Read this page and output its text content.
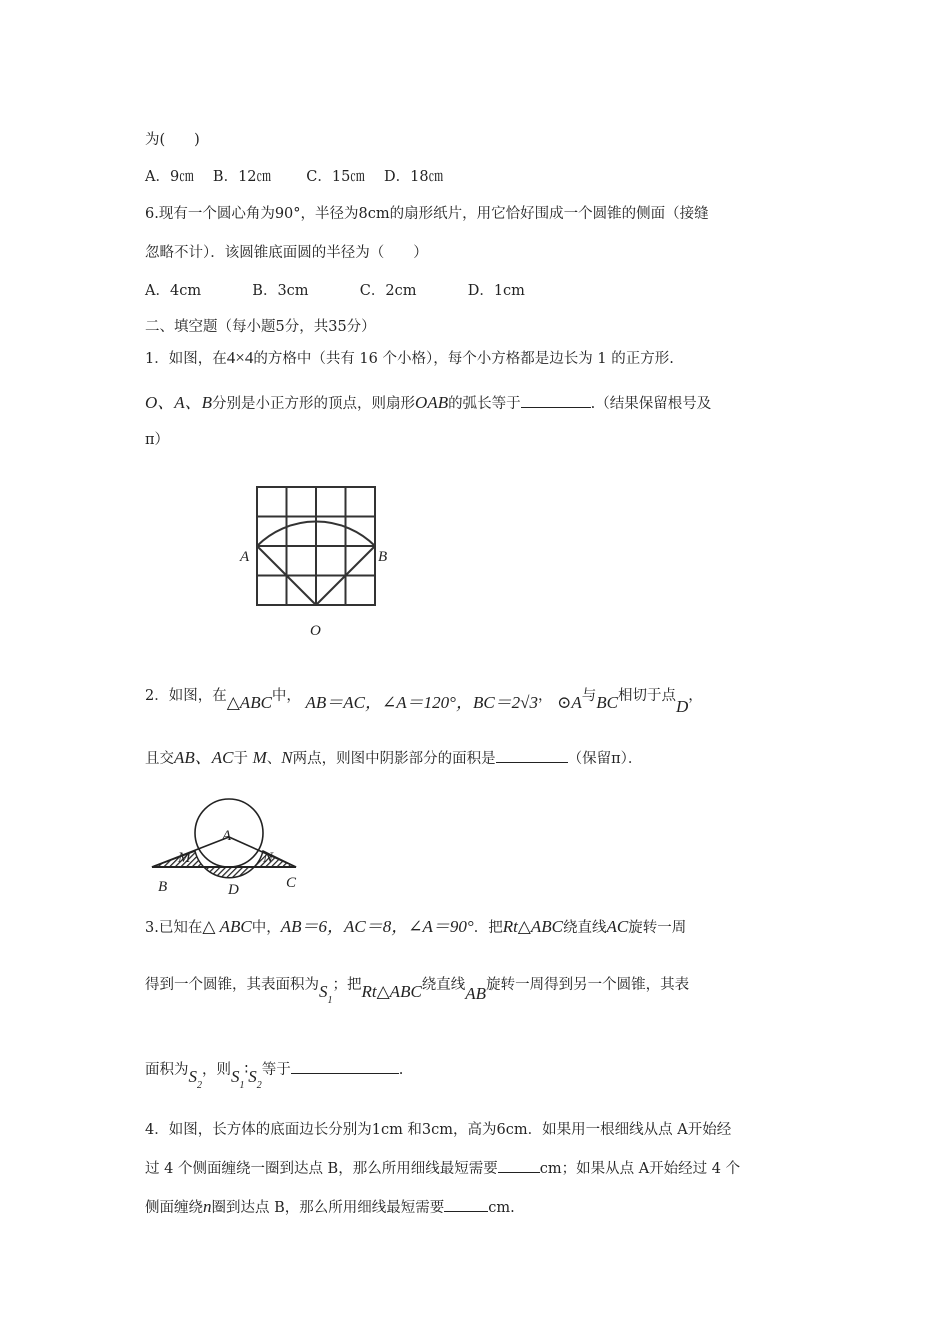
为(　　)
A．9㎝ B．12㎝ C．15㎝ D．18㎝
6.现有一个圆心角为90°，半径为8cm的扇形纸片，用它恰好围成一个圆锥的侧面（接缝
忽略不计）．该圆锥底面圆的半径为（　　）
A．4cm	B．3cm	C．2cm	D．1cm
二、填空题（每小题5分，共35分）
1．如图，在4×4的方格中（共有 16 个小格），每个小方格都是边长为 1 的正方形.
O、A、B分别是小正方形的顶点，则扇形OAB的弧长等于	.（结果保留根号及
π）
A	B
O
2．如图，在△ABC中， AB＝AC，∠A＝120°，BC＝2√3， ⊙A与BC相切于点D，
且交AB、AC于 M、N两点，则图中阴影部分的面积是	（保留π）．
A
M	N
B	D	C
3.已知在△ ABC中，AB＝6，AC＝8，∠A＝90°．把Rt△ABC绕直线AC旋转一周
得到一个圆锥，其表面积为$S_1$；把Rt△ABC绕直线AB旋转一周得到另一个圆锥，其表
面积为$S_2$，则$S_1∶S_2$等于	.
4．如图，长方体的底面边长分别为1cm 和3cm，高为6cm．如果用一根细线从点 A开始经
过 4 个侧面缠绕一圈到达点 B，那么所用细线最短需要	cm；如果从点 A开始经过 4 个
侧面缠绕n圈到达点 B，那么所用细线最短需要	cm.
